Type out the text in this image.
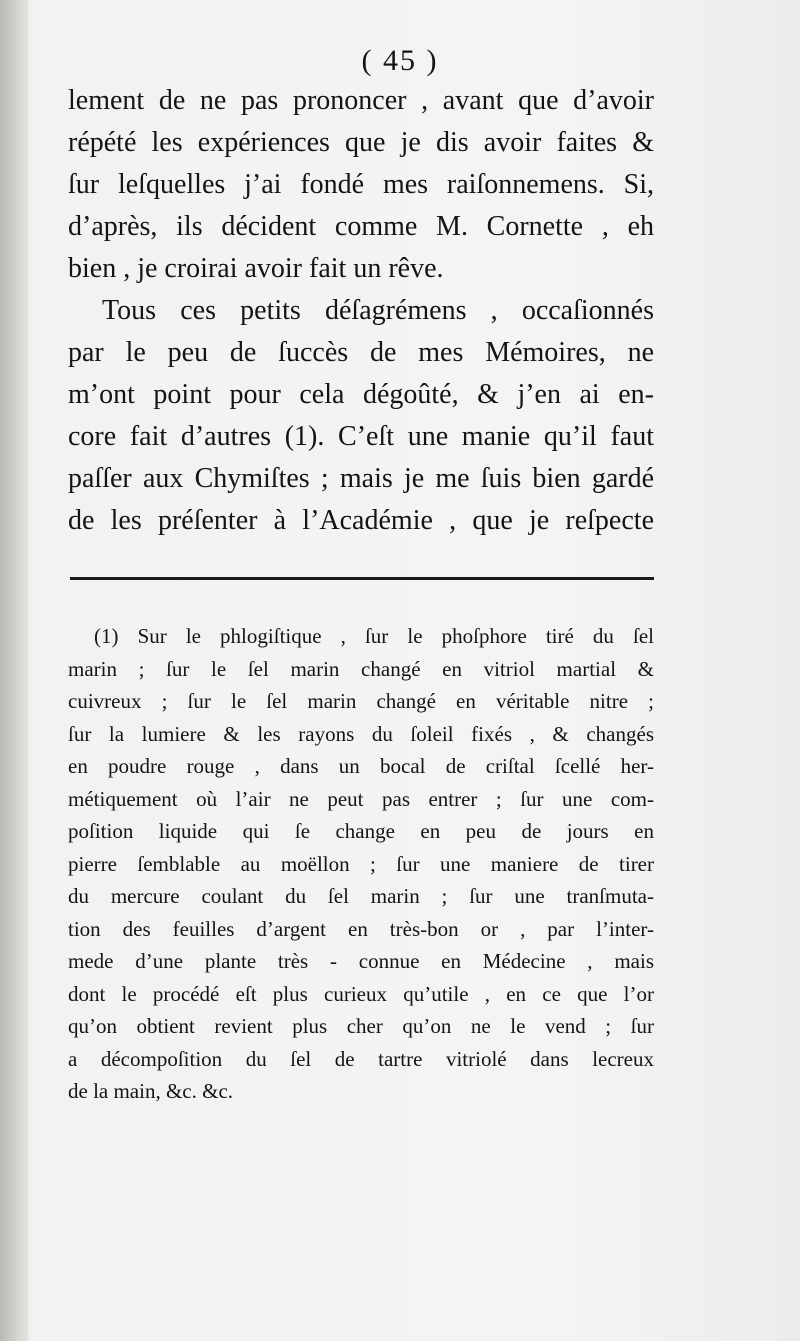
( 45 )
lement de ne pas prononcer , avant que d’avoir
répété les expériences que je dis avoir faites &
ſur leſquelles j’ai fondé mes raiſonnemens. Si,
d’après, ils décident comme M. Cornette , eh
bien , je croirai avoir fait un rêve.
Tous ces petits déſagrémens , occaſionnés
par le peu de ſuccès de mes Mémoires, ne
m’ont point pour cela dégoûté, & j’en ai en-
core fait d’autres (1). C’eſt une manie qu’il faut
paſſer aux Chymiſtes ; mais je me ſuis bien gardé
de les préſenter à l’Académie , que je reſpecte
(1) Sur le phlogiſtique , ſur le phoſphore tiré du ſel
marin ; ſur le ſel marin changé en vitriol martial &
cuivreux ; ſur le ſel marin changé en véritable nitre ;
ſur la lumiere & les rayons du ſoleil fixés , & changés
en poudre rouge , dans un bocal de criſtal ſcellé her-
métiquement où l’air ne peut pas entrer ; ſur une com-
poſition liquide qui ſe change en peu de jours en
pierre ſemblable au moëllon ; ſur une maniere de tirer
du mercure coulant du ſel marin ; ſur une tranſmuta-
tion des feuilles d’argent en très-bon or , par l’inter-
mede d’une plante très - connue en Médecine , mais
dont le procédé eſt plus curieux qu’utile , en ce que l’or
qu’on obtient revient plus cher qu’on ne le vend ; ſur
a décompoſition du ſel de tartre vitriolé dans lecreux
de la main, &c. &c.
